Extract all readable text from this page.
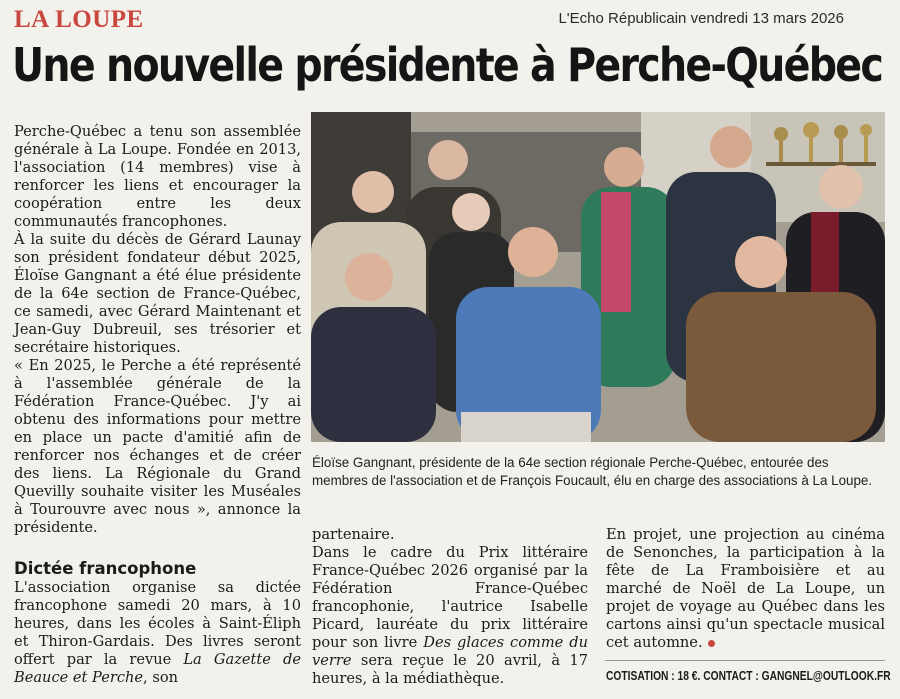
LA LOUPE	L'Echo Républicain vendredi 13 mars 2026
Une nouvelle présidente à Perche-Québec

Perche-Québec a tenu son assemblée générale à La Loupe. Fondée en 2013, l'association (14 membres) vise à renforcer les liens et encourager la coopération entre les deux communautés francophones.

À la suite du décès de Gérard Launay son président fondateur début 2025, Éloïse Gangnant a été élue présidente de la 64e section de France-Québec, ce samedi, avec Gérard Maintenant et Jean-Guy Dubreuil, ses trésorier et secrétaire historiques.

« En 2025, le Perche a été représenté à l'assemblée générale de la Fédération France-Québec. J'y ai obtenu des informations pour mettre en place un pacte d'amitié afin de renforcer nos échanges et de créer des liens. La Régionale du Grand Quevilly souhaite visiter les Muséales à Tourouvre avec nous », annonce la présidente.

Dictée francophone
L'association organise sa dictée francophone samedi 20 mars, à 10 heures, dans les écoles à Saint-Éliph et Thiron-Gardais. Des livres seront offert par la revue La Gazette de Beauce et Perche, son
Éloïse Gangnant, présidente de la 64e section régionale Perche-Québec, entourée des membres de l'association et de François Foucault, élu en charge des associations à La Loupe.
partenaire.
Dans le cadre du Prix littéraire France-Québec 2026 organisé par la Fédération France-Québec francophonie, l'autrice Isabelle Picard, lauréate du prix littéraire pour son livre Des glaces comme du verre sera reçue le 20 avril, à 17 heures, à la médiathèque.
En projet, une projection au cinéma de Senonches, la participation à la fête de La Framboisière et au marché de Noël de La Loupe, un projet de voyage au Québec dans les cartons ainsi qu'un spectacle musical cet automne.
COTISATION : 18 €. CONTACT : GANGNEL@OUTLOOK.FR
